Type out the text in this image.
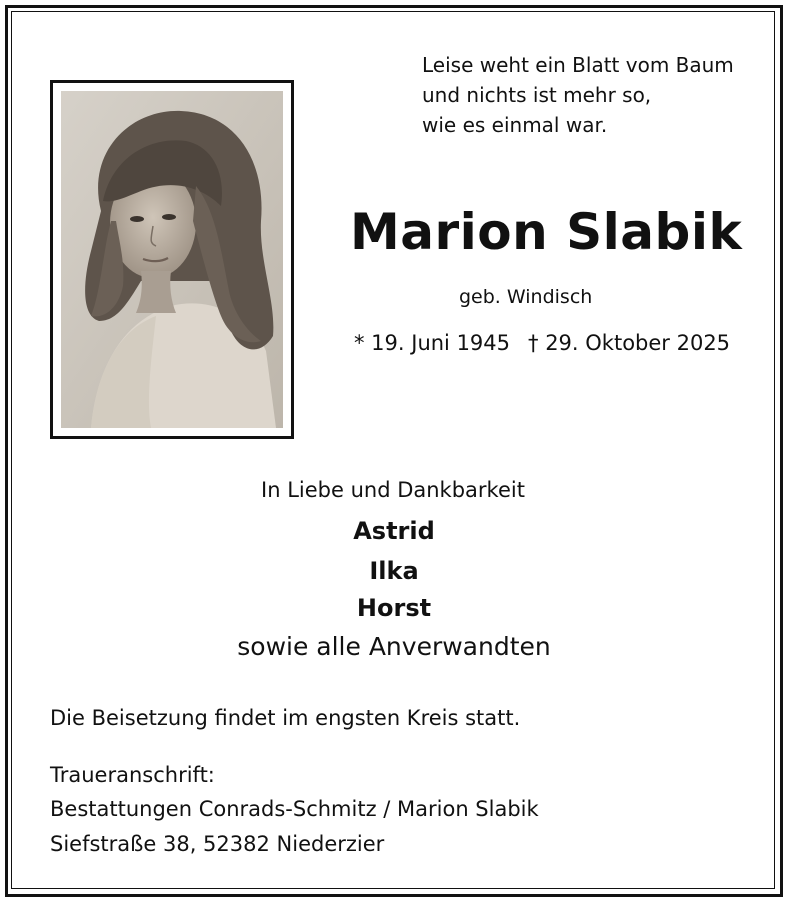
Leise weht ein Blatt vom Baum
und nichts ist mehr so,
wie es einmal war.
Marion Slabik
geb. Windisch
* 19. Juni 1945 † 29. Oktober 2025
In Liebe und Dankbarkeit
Astrid
Ilka
Horst
sowie alle Anverwandten
Die Beisetzung findet im engsten Kreis statt.
Traueranschrift:
Bestattungen Conrads-Schmitz / Marion Slabik
Siefstraße 38, 52382 Niederzier
